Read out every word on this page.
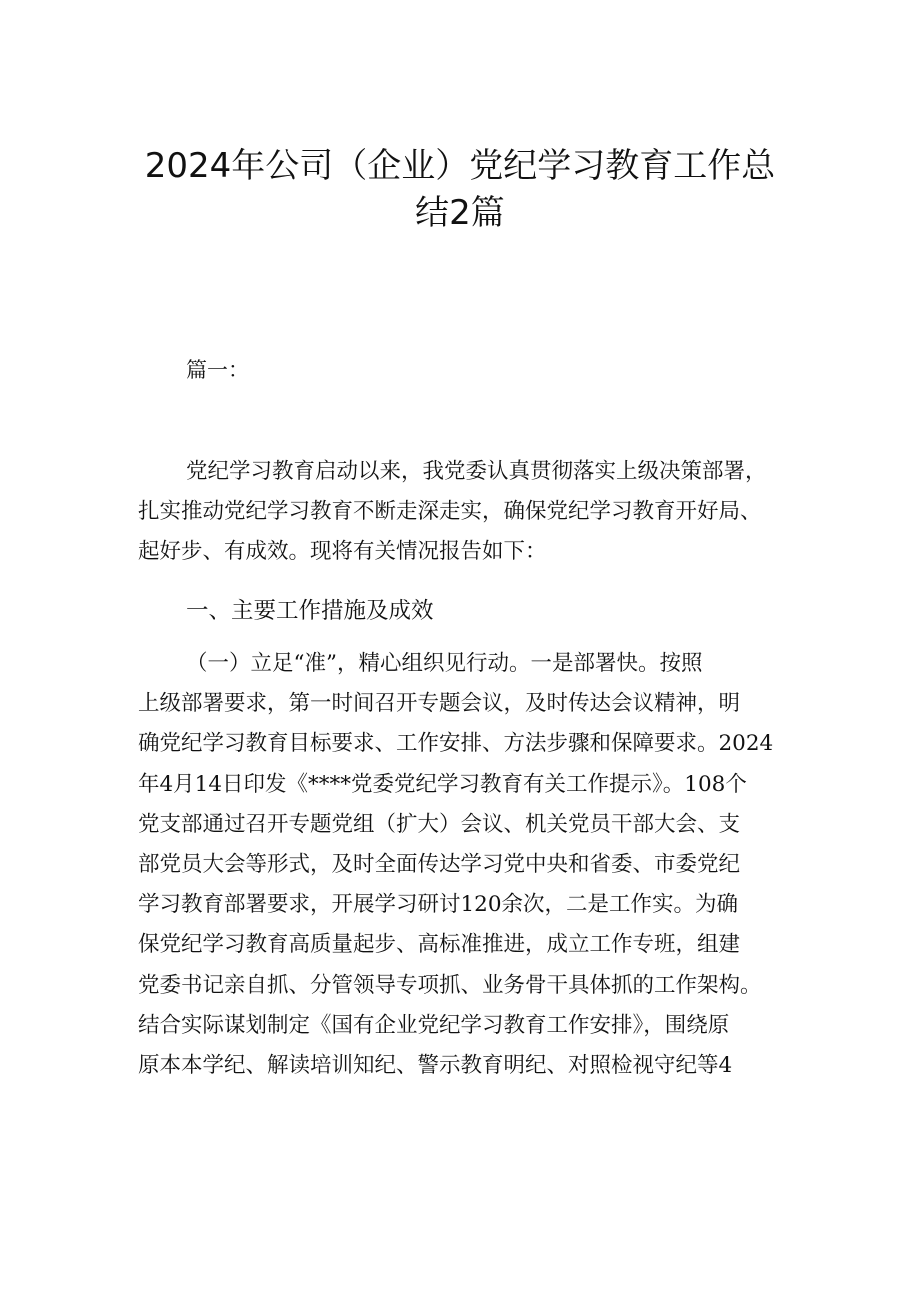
2024年公司（企业）党纪学习教育工作总
结2篇
篇一：
党纪学习教育启动以来，我党委认真贯彻落实上级决策部署，
扎实推动党纪学习教育不断走深走实，确保党纪学习教育开好局、
起好步、有成效。现将有关情况报告如下：
一、主要工作措施及成效
（一）立足“准”，精心组织见行动。一是部署快。按照
上级部署要求，第一时间召开专题会议，及时传达会议精神，明
确党纪学习教育目标要求、工作安排、方法步骤和保障要求。2024
年4月14日印发《****党委党纪学习教育有关工作提示》。108个
党支部通过召开专题党组（扩大）会议、机关党员干部大会、支
部党员大会等形式，及时全面传达学习党中央和省委、市委党纪
学习教育部署要求，开展学习研讨120余次，二是工作实。为确
保党纪学习教育高质量起步、高标准推进，成立工作专班，组建
党委书记亲自抓、分管领导专项抓、业务骨干具体抓的工作架构。
结合实际谋划制定《国有企业党纪学习教育工作安排》，围绕原
原本本学纪、解读培训知纪、警示教育明纪、对照检视守纪等4
